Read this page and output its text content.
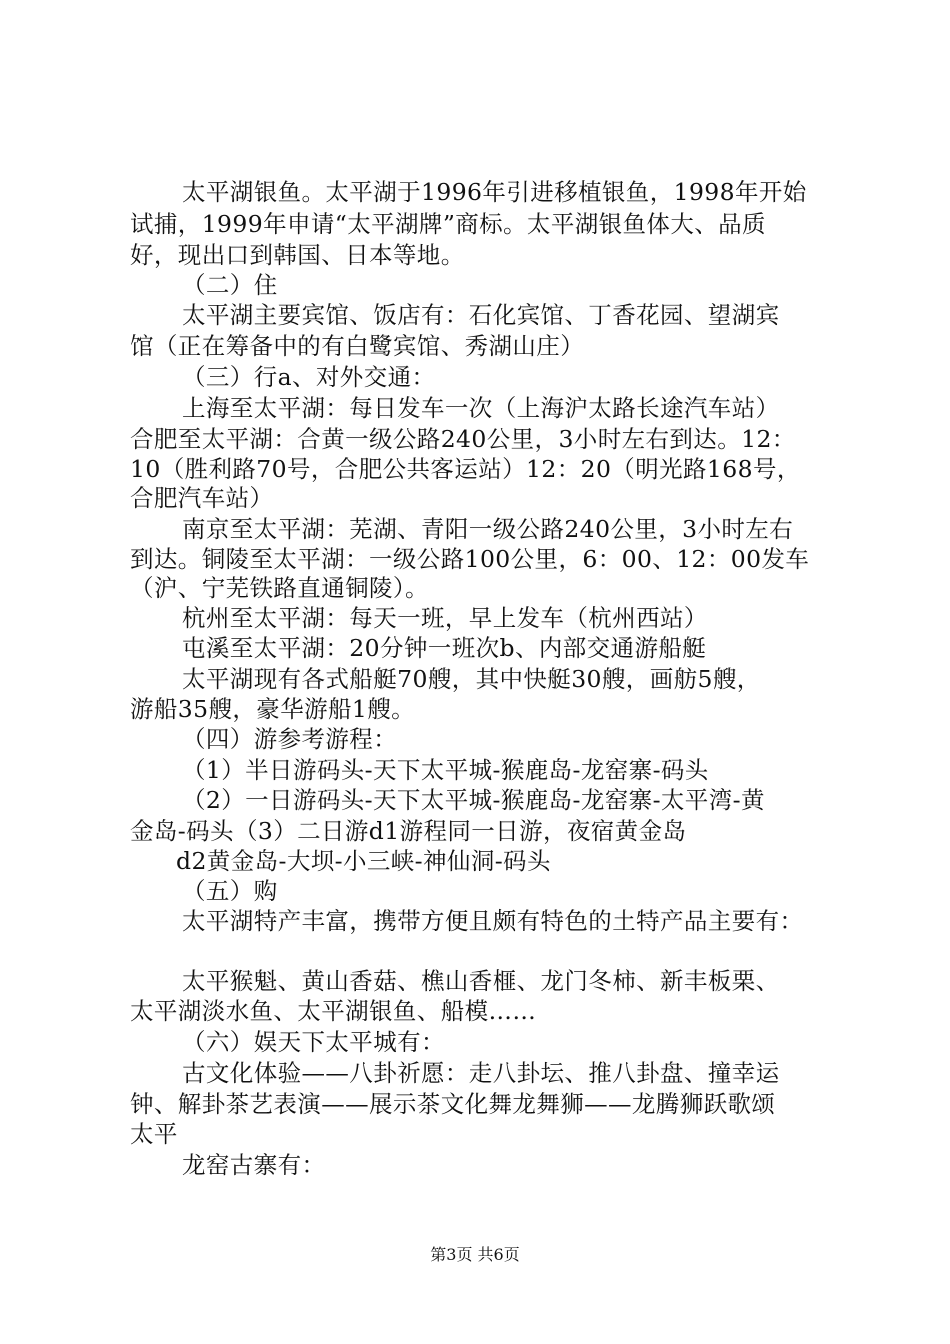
太平湖银鱼。太平湖于1996年引进移植银鱼，1998年开始
试捕，1999年申请“太平湖牌”商标。太平湖银鱼体大、品质
好，现出口到韩国、日本等地。
（二）住
太平湖主要宾馆、饭店有：石化宾馆、丁香花园、望湖宾
馆（正在筹备中的有白鹭宾馆、秀湖山庄）
（三）行a、对外交通：
上海至太平湖：每日发车一次（上海沪太路长途汽车站）
合肥至太平湖：合黄一级公路240公里，3小时左右到达。12：
10（胜利路70号，合肥公共客运站）12：20（明光路168号，
合肥汽车站）
南京至太平湖：芜湖、青阳一级公路240公里，3小时左右
到达。铜陵至太平湖：一级公路100公里，6：00、12：00发车
（沪、宁芜铁路直通铜陵）。
杭州至太平湖：每天一班，早上发车（杭州西站）
屯溪至太平湖：20分钟一班次b、内部交通游船艇
太平湖现有各式船艇70艘，其中快艇30艘，画舫5艘，
游船35艘，豪华游船1艘。
（四）游参考游程：
（1）半日游码头-天下太平城-猴鹿岛-龙窑寨-码头
（2）一日游码头-天下太平城-猴鹿岛-龙窑寨-太平湾-黄
金岛-码头（3）二日游d1游程同一日游，夜宿黄金岛
d2黄金岛-大坝-小三峡-神仙洞-码头
（五）购
太平湖特产丰富，携带方便且颇有特色的土特产品主要有：
太平猴魁、黄山香菇、樵山香榧、龙门冬柿、新丰板栗、
太平湖淡水鱼、太平湖银鱼、船模……
（六）娱天下太平城有：
古文化体验——八卦祈愿：走八卦坛、推八卦盘、撞幸运
钟、解卦茶艺表演——展示茶文化舞龙舞狮——龙腾狮跃歌颂
太平
龙窑古寨有：
第3页 共6页
